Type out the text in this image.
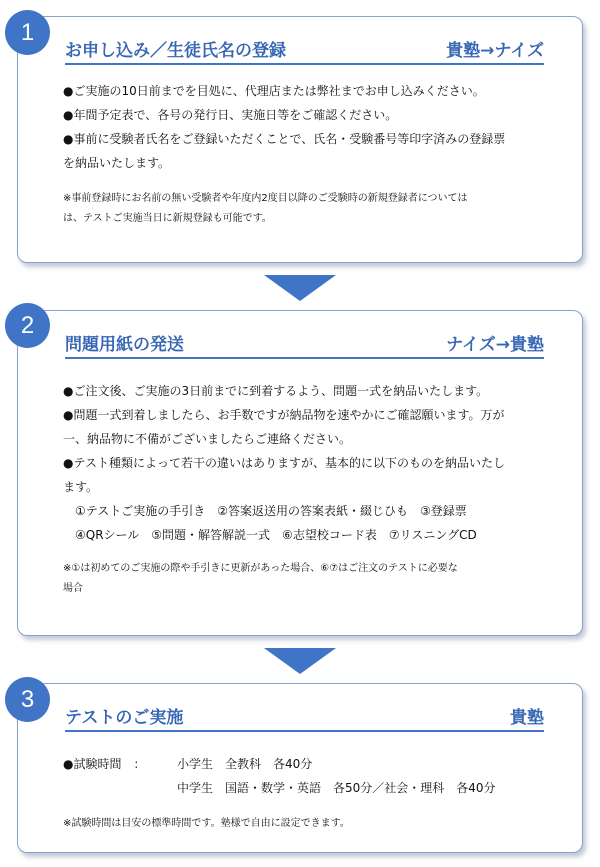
1
お申し込み／生徒氏名の登録	貴塾→ナイズ

●ご実施の10日前までを目処に、代理店または弊社までお申し込みください。

●年間予定表で、各号の発行日、実施日等をご確認ください。

●事前に受験者氏名をご登録いただくことで、氏名・受験番号等印字済みの登録票

を納品いたします。

※事前登録時にお名前の無い受験者や年度内2度目以降のご受験時の新規登録者については

は、テストご実施当日に新規登録も可能です。

2
問題用紙の発送	ナイズ→貴塾

●ご注文後、ご実施の3日前までに到着するよう、問題一式を納品いたします。

●問題一式到着しましたら、お手数ですが納品物を速やかにご確認願います。万が

一、納品物に不備がございましたらご連絡ください。

●テスト種類によって若干の違いはありますが、基本的に以下のものを納品いたし

ます。

①テストご実施の手引き　②答案返送用の答案表紙・綴じひも　③登録票

④QRシール　⑤問題・解答解説一式　⑥志望校コード表　⑦リスニングCD

※①は初めてのご実施の際や手引きに更新があった場合、⑥⑦はご注文のテストに必要な

場合

3
テストのご実施	貴塾
●試験時間　：	小学生　全教科　各40分
中学生　国語・数学・英語　各50分／社会・理科　各40分

※試験時間は目安の標準時間です。塾様で自由に設定できます。
